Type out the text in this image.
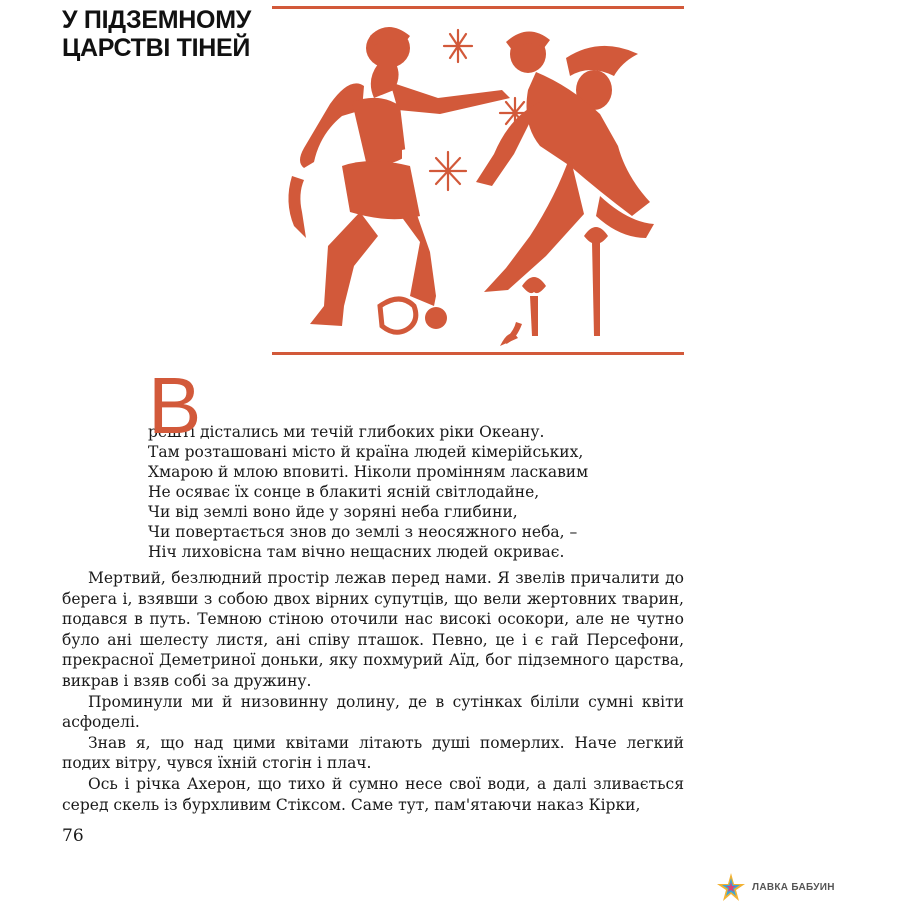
У ПІДЗЕМНОМУ
ЦАРСТВІ ТІНЕЙ
В
решті дістались ми течій глибоких ріки Океану.
Там розташовані місто й країна людей кімерійських,
Хмарою й млою вповиті. Ніколи промінням ласкавим
Не осяває їх сонце в блакиті ясній світлодайне,
Чи від землі воно йде у зоряні неба глибини,
Чи повертається знов до землі з неосяжного неба, –
Ніч лиховісна там вічно нещасних людей окриває.

Мертвий, безлюдний простір лежав перед нами. Я звелів причалити до берега і, взявши з собою двох вірних супутців, що вели жертовних тварин, подався в путь. Темною стіною оточили нас високі осокори, але не чутно було ані шелесту листя, ані співу пташок. Певно, це і є гай Персефони, прекрасної Деметриної доньки, яку похмурий Аїд, бог підземного царства, викрав і взяв собі за дружину.

Проминули ми й низовинну долину, де в сутінках біліли сумні квіти асфоделі.

Знав я, що над цими квітами літають душі померлих. Наче легкий подих вітру, чувся їхній стогін і плач.

Ось і річка Ахерон, що тихо й сумно несе свої води, а далі зливається серед скель із бурхливим Стіксом. Саме тут, пам'ятаючи наказ Кірки,

76
ЛАВКА БАБУИН
